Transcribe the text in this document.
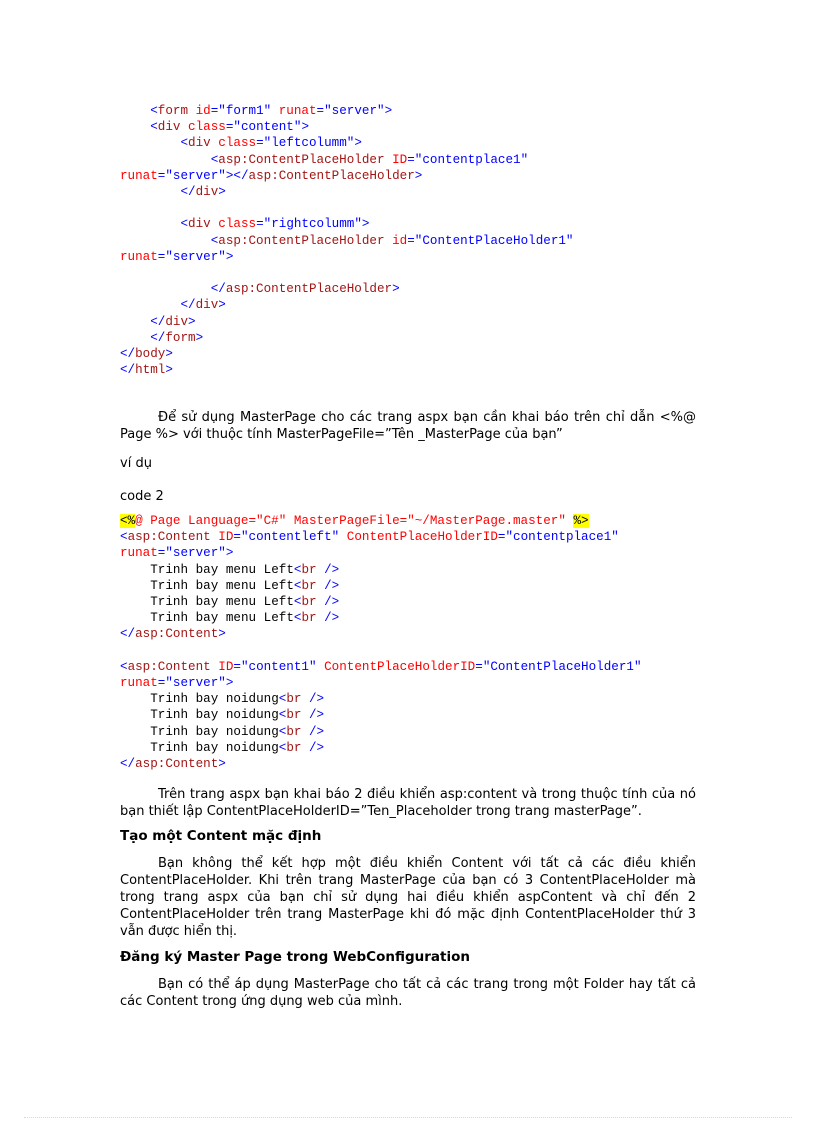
<form id="form1" runat="server">
<div class="content">
<div class="leftcolumm">
<asp:ContentPlaceHolder ID="contentplace1"
runat="server"></asp:ContentPlaceHolder>
</div>

<div class="rightcolumm">
<asp:ContentPlaceHolder id="ContentPlaceHolder1"
runat="server">

</asp:ContentPlaceHolder>
</div>
</div>
</form>
</body>
</html>

Để sử dụng MasterPage cho các trang aspx bạn cần khai báo trên chỉ dẫn <%@ Page %> với thuộc tính MasterPageFile=”Tên _MasterPage của bạn”

ví dụ

code 2

<%@ Page Language="C#" MasterPageFile="~/MasterPage.master" %>
<asp:Content ID="contentleft" ContentPlaceHolderID="contentplace1"
runat="server">
Trinh bay menu Left<br />
Trinh bay menu Left<br />
Trinh bay menu Left<br />
Trinh bay menu Left<br />
</asp:Content>

<asp:Content ID="content1" ContentPlaceHolderID="ContentPlaceHolder1"
runat="server">
Trinh bay noidung<br />
Trinh bay noidung<br />
Trinh bay noidung<br />
Trinh bay noidung<br />
</asp:Content>

Trên trang aspx bạn khai báo 2 điều khiển asp:content và trong thuộc tính của nó bạn thiết lập ContentPlaceHolderID=”Ten_Placeholder trong trang masterPage”.

Tạo một Content mặc định

Bạn không thể kết hợp một điều khiển Content với tất cả các điều khiển ContentPlaceHolder. Khi trên trang MasterPage của bạn có 3 ContentPlaceHolder mà trong trang aspx của bạn chỉ sử dụng hai điều khiển aspContent và chỉ đến 2 ContentPlaceHolder trên trang MasterPage khi đó mặc định ContentPlaceHolder thứ 3 vẫn được hiển thị.

Đăng ký Master Page trong WebConfiguration

Bạn có thể áp dụng MasterPage cho tất cả các trang trong một Folder hay tất cả các Content trong ứng dụng web của mình.
